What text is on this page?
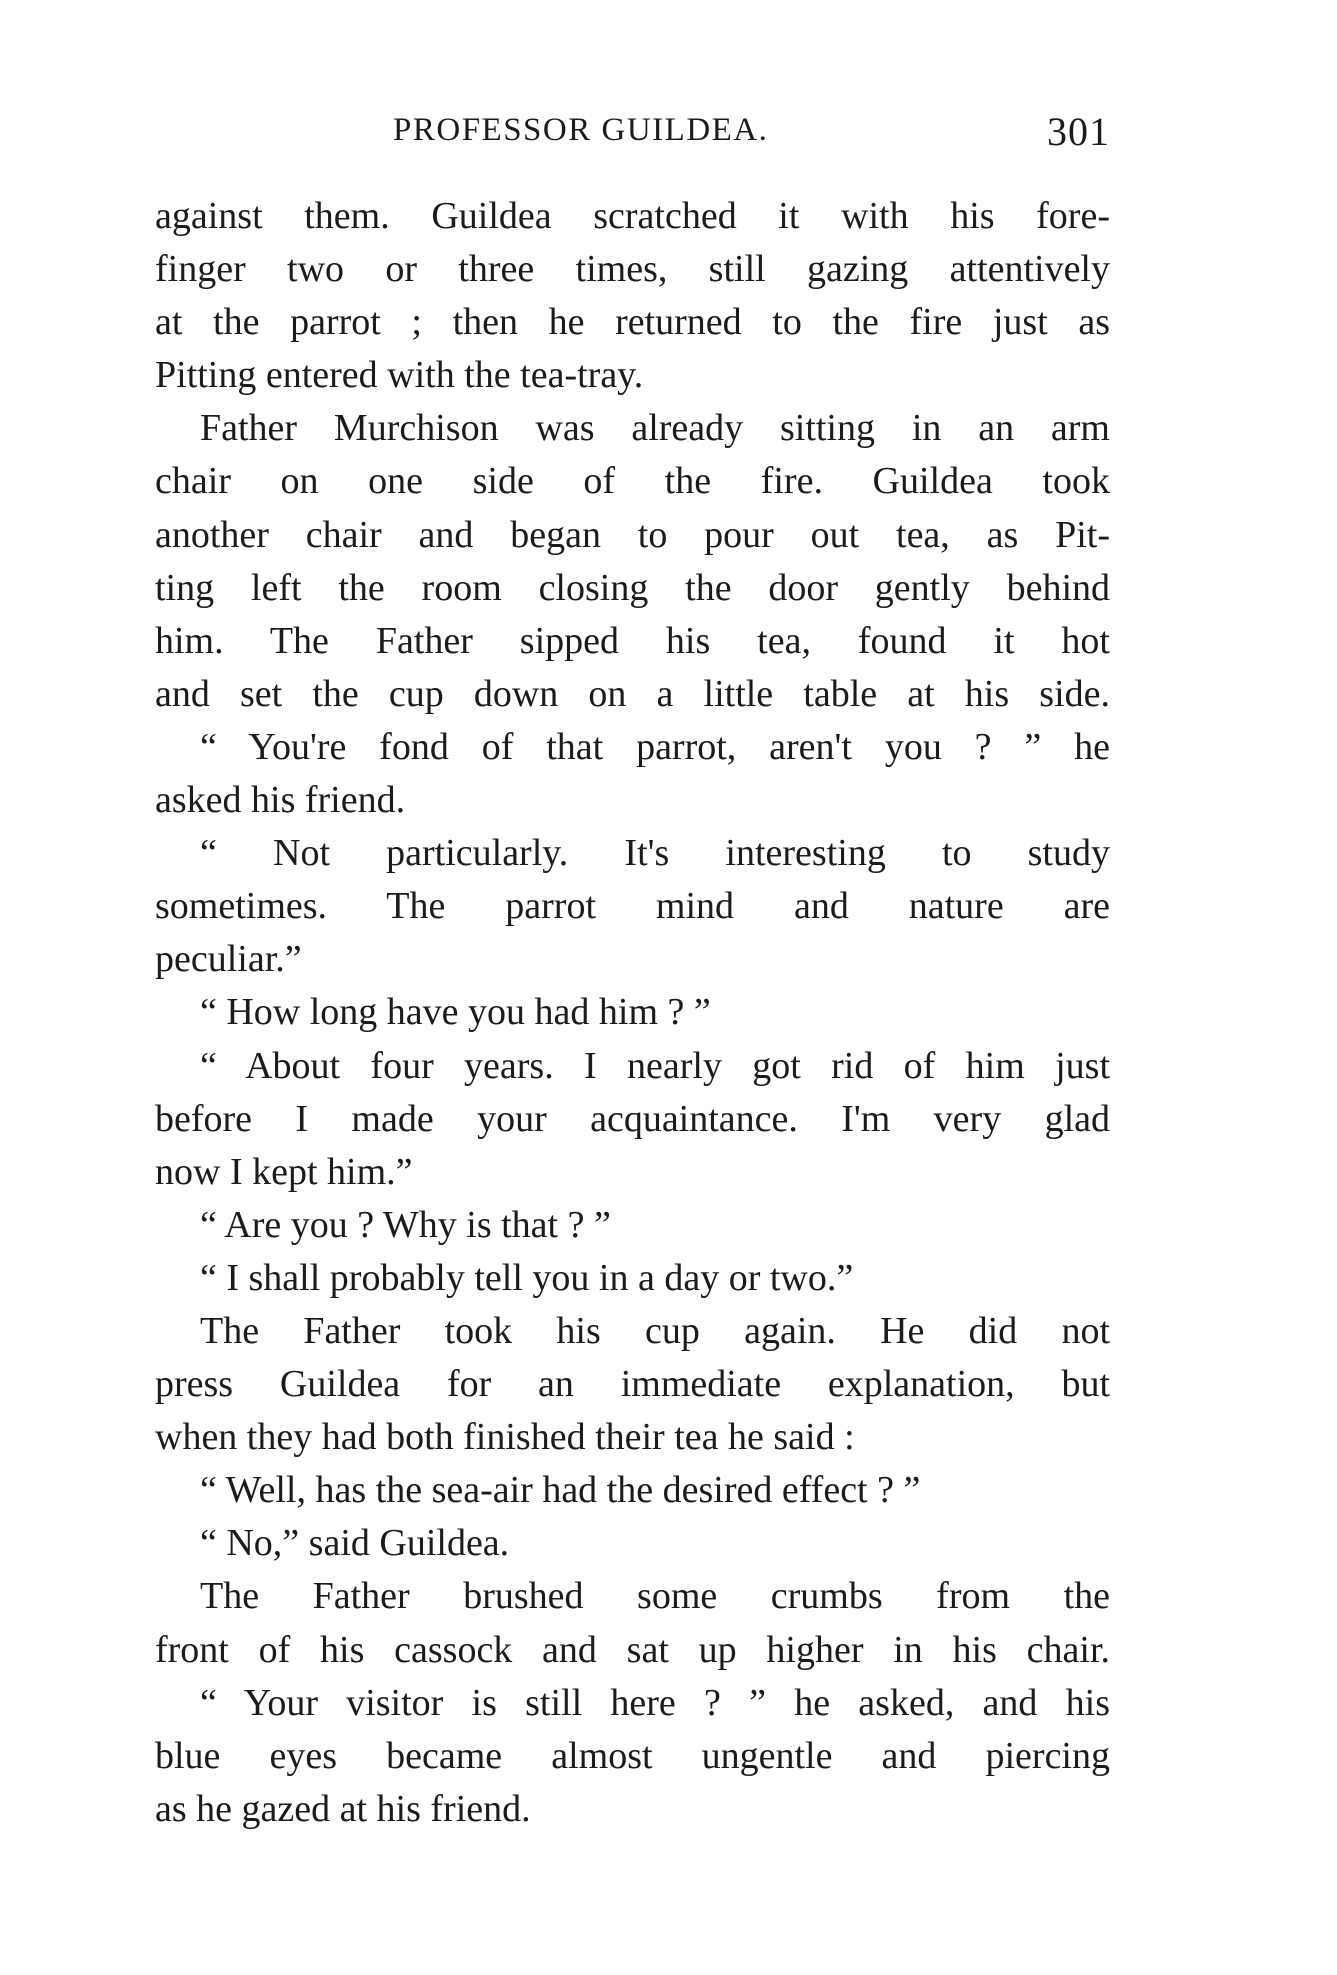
PROFESSOR GUILDEA.	301
against them. Guildea scratched it with his fore-
finger two or three times, still gazing attentively
at the parrot ; then he returned to the fire just as
Pitting entered with the tea-tray.
Father Murchison was already sitting in an arm
chair on one side of the fire. Guildea took
another chair and began to pour out tea, as Pit-
ting left the room closing the door gently behind
him. The Father sipped his tea, found it hot
and set the cup down on a little table at his side.
“ You're fond of that parrot, aren't you ? ” he
asked his friend.
“ Not particularly. It's interesting to study
sometimes. The parrot mind and nature are
peculiar.”
“ How long have you had him ? ”
“ About four years. I nearly got rid of him just
before I made your acquaintance. I'm very glad
now I kept him.”
“ Are you ? Why is that ? ”
“ I shall probably tell you in a day or two.”
The Father took his cup again. He did not
press Guildea for an immediate explanation, but
when they had both finished their tea he said :
“ Well, has the sea-air had the desired effect ? ”
“ No,” said Guildea.
The Father brushed some crumbs from the
front of his cassock and sat up higher in his chair.
“ Your visitor is still here ? ” he asked, and his
blue eyes became almost ungentle and piercing
as he gazed at his friend.
